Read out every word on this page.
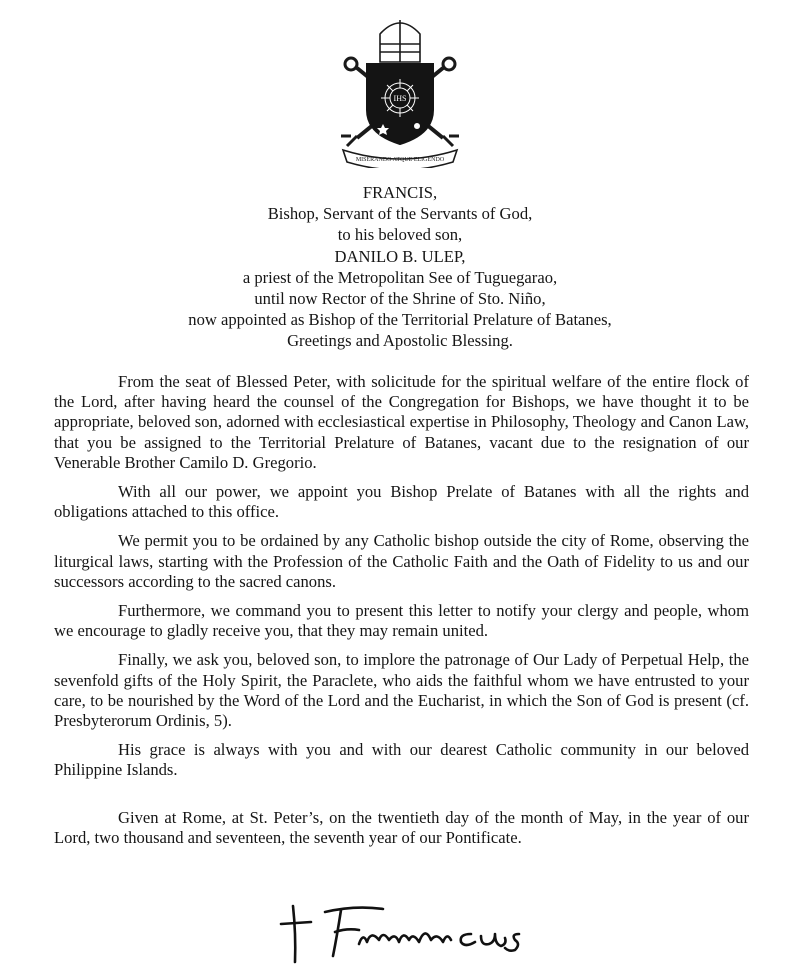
IHS
MISERANDO ATQUE ELIGENDO
FRANCIS,
Bishop, Servant of the Servants of God,
to his beloved son,
DANILO B. ULEP,
a priest of the Metropolitan See of Tuguegarao,
until now Rector of the Shrine of Sto. Niño,
now appointed as Bishop of the Territorial Prelature of Batanes,
Greetings and Apostolic Blessing.

From the seat of Blessed Peter, with solicitude for the spiritual welfare of the entire flock of the Lord, after having heard the counsel of the Congregation for Bishops, we have thought it to be appropriate, beloved son, adorned with ecclesiastical expertise in Philosophy, Theology and Canon Law, that you be assigned to the Territorial Prelature of Batanes, vacant due to the resignation of our Venerable Brother Camilo D. Gregorio.

With all our power, we appoint you Bishop Prelate of Batanes with all the rights and obligations attached to this office.

We permit you to be ordained by any Catholic bishop outside the city of Rome, observing the liturgical laws, starting with the Profession of the Catholic Faith and the Oath of Fidelity to us and our successors according to the sacred canons.

Furthermore, we command you to present this letter to notify your clergy and people, whom we encourage to gladly receive you, that they may remain united.

Finally, we ask you, beloved son, to implore the patronage of Our Lady of Perpetual Help, the sevenfold gifts of the Holy Spirit, the Paraclete, who aids the faithful whom we have entrusted to your care, to be nourished by the Word of the Lord and the Eucharist, in which the Son of God is present (cf. Presbyterorum Ordinis, 5).

His grace is always with you and with our dearest Catholic community in our beloved Philippine Islands.

Given at Rome, at St. Peter’s, on the twentieth day of the month of May, in the year of our Lord, two thousand and seventeen, the seventh year of our Pontificate.
